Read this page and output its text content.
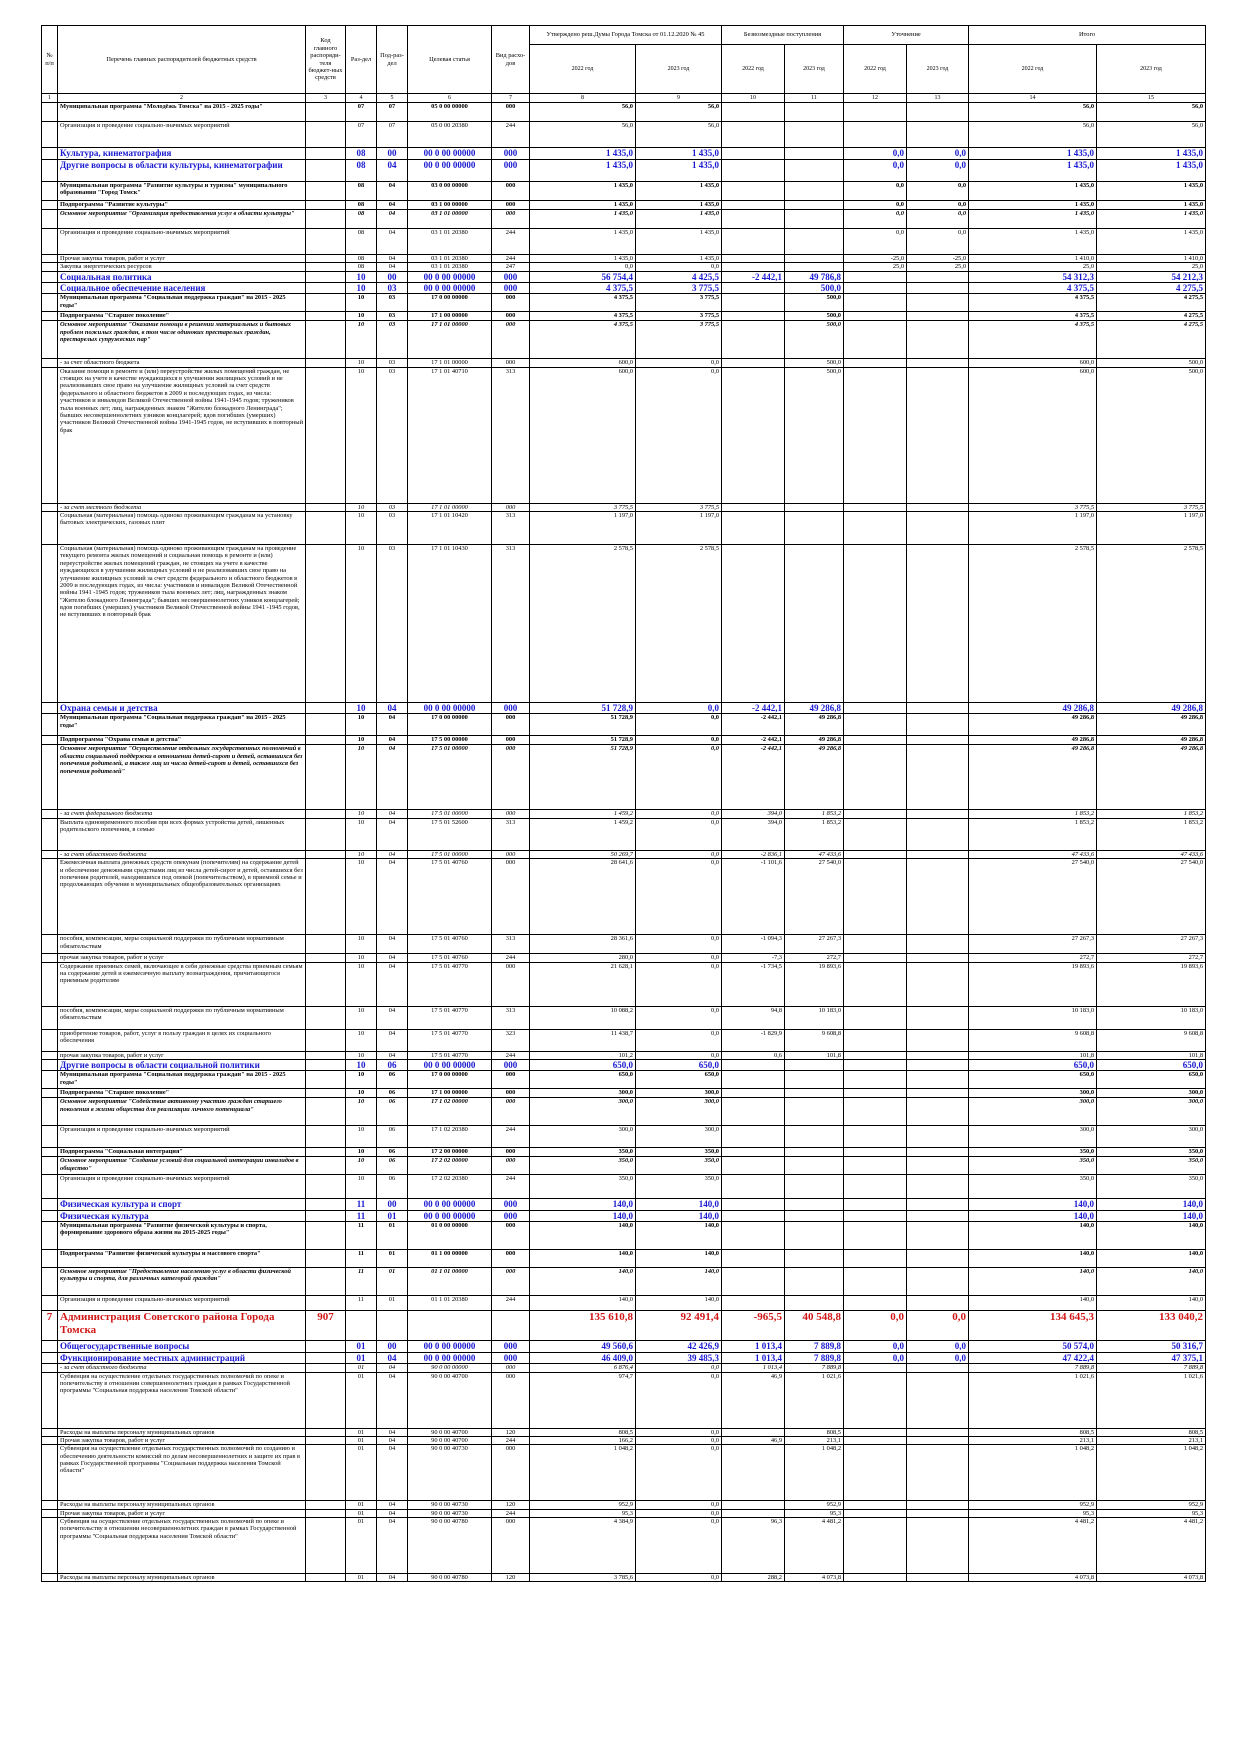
№ п/п	Перечень главных распорядителей бюджетных средств	Код главного распоряди-теля бюджет-ных средств	Раз-дел	Под-раз-дел	Целевая статья	Вид расхо-дов	Утверждено реш.Думы Города Томска от 01.12.2020 № 45		Безвозмездные поступления		Уточнение		Итого	
							2022 год	2023 год	2022 год	2023 год	2022 год	2023 год	2022 год	2023 год
1	2	3	4	5	6	7	8	9	10	11	12	13	14	15
	Муниципальная программа "Молодёжь Томска" на 2015 - 2025 годы"		07	07	05 0 00 00000	000	56,0	56,0					56,0	56,0
	Организация и проведение социально-значимых мероприятий		07	07	05 0 00 20380	244	56,0	56,0					56,0	56,0
	Культура, кинематография		08	00	00 0 00 00000	000	1 435,0	1 435,0			0,0	0,0	1 435,0	1 435,0
	Другие вопросы в области культуры, кинематографии		08	04	00 0 00 00000	000	1 435,0	1 435,0			0,0	0,0	1 435,0	1 435,0
	Муниципальная программа "Развитие культуры и туризма" муниципального образования "Город Томск"		08	04	03 0 00 00000	000	1 435,0	1 435,0			0,0	0,0	1 435,0	1 435,0
	Подпрограмма "Развитие культуры"		08	04	03 1 00 00000	000	1 435,0	1 435,0			0,0	0,0	1 435,0	1 435,0
	Основное мероприятие "Организация предоставления услуг в области культуры"		08	04	03 1 01 00000	000	1 435,0	1 435,0			0,0	0,0	1 435,0	1 435,0
	Организация и проведение социально-значимых мероприятий		08	04	03 1 01 20380	244	1 435,0	1 435,0			0,0	0,0	1 435,0	1 435,0
	Прочая закупка товаров, работ и услуг		08	04	03 1 01 20380	244	1 435,0	1 435,0			-25,0	-25,0	1 410,0	1 410,0
	Закупка энергетических ресурсов		08	04	03 1 01 20380	247	0,0	0,0			25,0	25,0	25,0	25,0
	Социальная политика		10	00	00 0 00 00000	000	56 754,4	4 425,5	-2 442,1	49 786,8			54 312,3	54 212,3
	Социальное обеспечение населения		10	03	00 0 00 00000	000	4 375,5	3 775,5		500,0			4 375,5	4 275,5
	Муниципальная программа "Социальная поддержка граждан" на 2015 - 2025 годы"		10	03	17 0 00 00000	000	4 375,5	3 775,5		500,0			4 375,5	4 275,5
	Подпрограмма "Старшее поколение"		10	03	17 1 00 00000	000	4 375,5	3 775,5		500,0			4 375,5	4 275,5
	Основное мероприятие "Оказание помощи в решении материальных и бытовых проблем пожилых граждан, в том числе одиноких престарелых граждан, престарелых супружеских пар"		10	03	17 1 01 00000	000	4 375,5	3 775,5		500,0			4 375,5	4 275,5
	- за счет областного бюджета		10	03	17 1 01 00000	000	600,0	0,0		500,0			600,0	500,0
	Оказание помощи в ремонте и (или) переустройстве жилых помещений граждан, не стоящих на учете в качестве нуждающихся в улучшении жилищных условий и не реализовавших свое право на улучшение жилищных условий за счет средств федерального и областного бюджетов в 2009 и последующих годах, из числа: участников и инвалидов Великой Отечественной войны 1941-1945 годов; тружеников тыла военных лет; лиц, награжденных знаком "Жителю блокадного Ленинграда"; бывших несовершеннолетних узников концлагерей; вдов погибших (умерших) участников Великой Отечественной войны 1941-1945 годов, не вступивших в повторный брак		10	03	17 1 01 40710	313	600,0	0,0		500,0			600,0	500,0
	- за счет местного бюджета		10	03	17 1 01 00000	000	3 775,5	3 775,5					3 775,5	3 775,5
	Социальная (материальная) помощь одиноко проживающим гражданам на установку бытовых электрических, газовых плит		10	03	17 1 01 10420	313	1 197,0	1 197,0					1 197,0	1 197,0
	Социальная (материальная) помощь одиноко проживающим гражданам на проведение текущего ремонта жилых помещений и социальная помощь в ремонте и (или) переустройстве жилых помещений граждан, не стоящих на учете в качестве нуждающихся в улучшении жилищных условий и не реализовавших свое право на улучшение жилищных условий за счет средств федерального и областного бюджетов в 2009 и последующих годах, из числа: участников и инвалидов Великой Отечественной войны 1941 -1945 годов; тружеников тыла военных лет; лиц, награжденных знаком "Жителю блокадного Ленинграда"; бывших несовершеннолетних узников концлагерей; вдов погибших (умерших) участников Великой Отечественной войны 1941 -1945 годов, не вступивших в повторный брак		10	03	17 1 01 10430	313	2 578,5	2 578,5					2 578,5	2 578,5
	Охрана семьи и детства		10	04	00 0 00 00000	000	51 728,9	0,0	-2 442,1	49 286,8			49 286,8	49 286,8
	Муниципальная программа "Социальная поддержка граждан" на 2015 - 2025 годы"		10	04	17 0 00 00000	000	51 728,9	0,0	-2 442,1	49 286,8			49 286,8	49 286,8
	Подпрограмма "Охрана семьи и детства"		10	04	17 5 00 00000	000	51 728,9	0,0	-2 442,1	49 286,8			49 286,8	49 286,8
	Основное мероприятие "Осуществление отдельных государственных полномочий в области социальной поддержки в отношении детей-сирот и детей, оставшихся без попечения родителей, а также лиц из числа детей-сирот и детей, оставшихся без попечения родителей"		10	04	17 5 01 00000	000	51 728,9	0,0	-2 442,1	49 286,8			49 286,8	49 286,8
	- за счет федерального бюджета		10	04	17 5 01 00000	000	1 459,2	0,0	394,0	1 853,2			1 853,2	1 853,2
	Выплата единовременного пособия при всех формах устройства детей, лишенных родительского попечения, в семью		10	04	17 5 01 52600	313	1 459,2	0,0	394,0	1 853,2			1 853,2	1 853,2
	- за счет областного бюджета		10	04	17 5 01 00000	000	50 269,7	0,0	-2 836,1	47 433,6			47 433,6	47 433,6
	Ежемесячная выплата денежных средств опекунам (попечителям) на содержание детей и обеспечение денежными средствами лиц из числа детей-сирот и детей, оставшихся без попечения родителей, находившихся под опекой (попечительством), в приемной семье и продолжающих обучение в муниципальных общеобразовательных организациях		10	04	17 5 01 40760	000	28 641,6	0,0	-1 101,6	27 540,0			27 540,0	27 540,0
	пособия, компенсации, меры социальной поддержки по публичным нормативным обязательствам		10	04	17 5 01 40760	313	28 361,6	0,0	-1 094,3	27 267,3			27 267,3	27 267,3
	прочая закупка товаров, работ и услуг		10	04	17 5 01 40760	244	280,0	0,0	-7,3	272,7			272,7	272,7
	Содержание приемных семей, включающее в себя денежные средства приемным семьям на содержание детей и ежемесячную выплату вознаграждения, причитающегося приемным родителям		10	04	17 5 01 40770	000	21 628,1	0,0	-1 734,5	19 893,6			19 893,6	19 893,6
	пособия, компенсации, меры социальной поддержки по публичным нормативным обязательствам		10	04	17 5 01 40770	313	10 088,2	0,0	94,8	10 183,0			10 183,0	10 183,0
	приобретение товаров, работ, услуг в пользу граждан в целях их социального обеспечения		10	04	17 5 01 40770	323	11 438,7	0,0	-1 829,9	9 608,8			9 608,8	9 608,8
	прочая закупка товаров, работ и услуг		10	04	17 5 01 40770	244	101,2	0,0	0,6	101,8			101,8	101,8
	Другие вопросы в области социальной политики		10	06	00 0 00 00000	000	650,0	650,0					650,0	650,0
	Муниципальная программа "Социальная поддержка граждан" на 2015 - 2025 годы"		10	06	17 0 00 00000	000	650,0	650,0					650,0	650,0
	Подпрограмма "Старшее поколение"		10	06	17 1 00 00000	000	300,0	300,0					300,0	300,0
	Основное мероприятие "Содействие активному участию граждан старшего поколения в жизни общества для реализации личного потенциала"		10	06	17 1 02 00000	000	300,0	300,0					300,0	300,0
	Организация и проведение социально-значимых мероприятий		10	06	17 1 02 20380	244	300,0	300,0					300,0	300,0
	Подпрограмма "Социальная интеграция"		10	06	17 2 00 00000	000	350,0	350,0					350,0	350,0
	Основное мероприятие "Создание условий для социальной интеграции инвалидов в общество"		10	06	17 2 02 00000	000	350,0	350,0					350,0	350,0
	Организация и проведение социально-значимых мероприятий		10	06	17 2 02 20380	244	350,0	350,0					350,0	350,0
	Физическая культура и спорт		11	00	00 0 00 00000	000	140,0	140,0					140,0	140,0
	Физическая культура		11	01	00 0 00 00000	000	140,0	140,0					140,0	140,0
	Муниципальная программа "Развитие физической культуры и спорта, формирование здорового образа жизни на 2015-2025 годы"		11	01	01 0 00 00000	000	140,0	140,0					140,0	140,0
	Подпрограмма "Развитие физической культуры и массового спорта"		11	01	01 1 00 00000	000	140,0	140,0					140,0	140,0
	Основное мероприятие "Предоставление населению услуг в области физической культуры и спорта, для различных категорий граждан"		11	01	01 1 01 00000	000	140,0	140,0					140,0	140,0
	Организация и проведение социально-значимых мероприятий		11	01	01 1 01 20380	244	140,0	140,0					140,0	140,0
7	Администрация Советского района Города Томска	907					135 610,8	92 491,4	-965,5	40 548,8	0,0	0,0	134 645,3	133 040,2
	Общегосударственные вопросы		01	00	00 0 00 00000	000	49 560,6	42 426,9	1 013,4	7 889,8	0,0	0,0	50 574,0	50 316,7
	Функционирование местных администраций		01	04	00 0 00 00000	000	46 409,0	39 485,3	1 013,4	7 889,8	0,0	0,0	47 422,4	47 375,1
	- за счет областного бюджета		01	04	90 0 00 00000	000	6 876,4	0,0	1 013,4	7 889,8			7 889,8	7 889,8
	Субвенция на осуществление отдельных государственных полномочий по опеке и попечительству в отношении совершеннолетних граждан в рамках Государственной программы "Социальная поддержка населения Томской области"		01	04	90 0 00 40700	000	974,7	0,0	46,9	1 021,6			1 021,6	1 021,6
	Расходы на выплаты персоналу муниципальных органов		01	04	90 0 00 40700	120	808,5	0,0		808,5			808,5	808,5
	Прочая закупка товаров, работ и услуг		01	04	90 0 00 40700	244	166,2	0,0	46,9	213,1			213,1	213,1
	Субвенция на осуществление отдельных государственных полномочий по созданию и обеспечению деятельности комиссий по делам несовершеннолетних и защите их прав в рамках Государственной программы "Социальная поддержка населения Томской области"		01	04	90 0 00 40730	000	1 048,2	0,0		1 048,2			1 048,2	1 048,2
	Расходы на выплаты персоналу муниципальных органов		01	04	90 0 00 40730	120	952,9	0,0		952,9			952,9	952,9
	Прочая закупка товаров, работ и услуг		01	04	90 0 00 40730	244	95,3	0,0		95,3			95,3	95,3
	Субвенция на осуществление отдельных государственных полномочий по опеке и попечительству в отношении несовершеннолетних граждан в рамках Государственной программы "Социальная поддержка населения Томской области"		01	04	90 0 00 40780	000	4 384,9	0,0	96,3	4 481,2			4 481,2	4 481,2
	Расходы на выплаты персоналу муниципальных органов		01	04	90 0 00 40780	120	3 785,6	0,0	288,2	4 073,8			4 073,8	4 073,8
